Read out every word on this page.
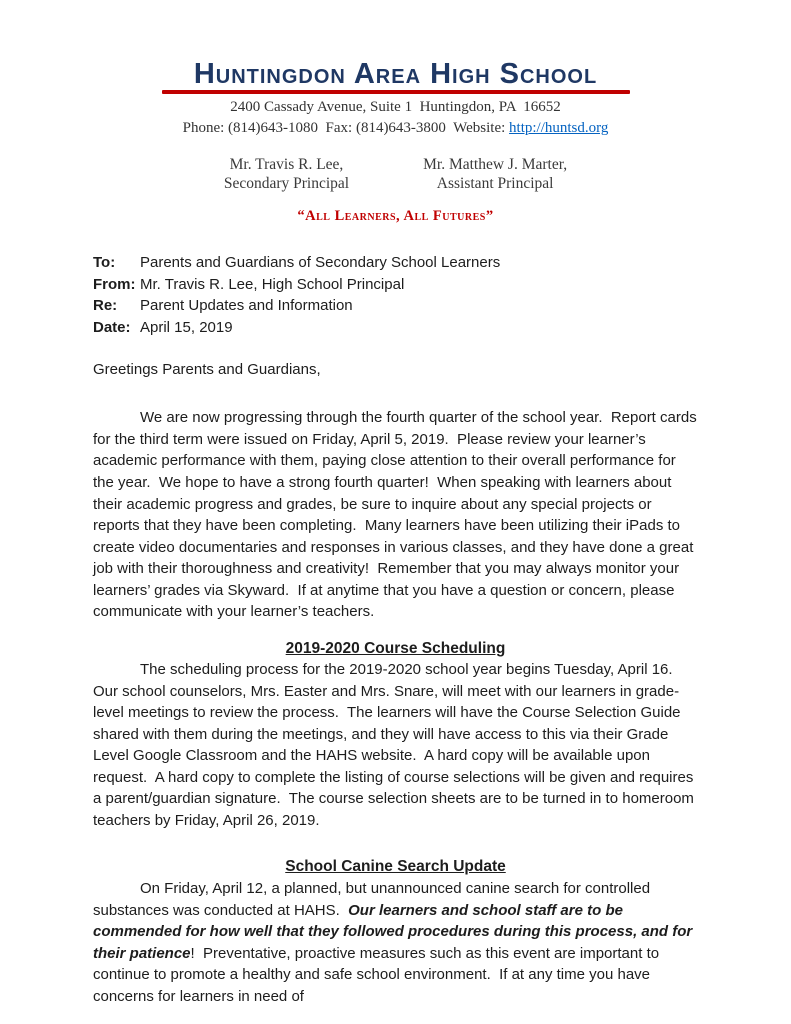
Huntingdon Area High School
2400 Cassady Avenue, Suite 1  Huntingdon, PA  16652
Phone: (814)643-1080  Fax: (814)643-3800  Website: http://huntsd.org
Mr. Travis R. Lee,
Secondary Principal
Mr. Matthew J. Marter,
Assistant Principal
“All Learners, All Futures”
To:	Parents and Guardians of Secondary School Learners
From: Mr. Travis R. Lee, High School Principal
Re:	Parent Updates and Information
Date: April 15, 2019
Greetings Parents and Guardians,
We are now progressing through the fourth quarter of the school year.  Report cards for the third term were issued on Friday, April 5, 2019.  Please review your learner’s academic performance with them, paying close attention to their overall performance for the year.  We hope to have a strong fourth quarter!  When speaking with learners about their academic progress and grades, be sure to inquire about any special projects or reports that they have been completing.  Many learners have been utilizing their iPads to create video documentaries and responses in various classes, and they have done a great job with their thoroughness and creativity!  Remember that you may always monitor your learners’ grades via Skyward.  If at anytime that you have a question or concern, please communicate with your learner’s teachers.
2019-2020 Course Scheduling
The scheduling process for the 2019-2020 school year begins Tuesday, April 16.  Our school counselors, Mrs. Easter and Mrs. Snare, will meet with our learners in grade-level meetings to review the process.  The learners will have the Course Selection Guide shared with them during the meetings, and they will have access to this via their Grade Level Google Classroom and the HAHS website.  A hard copy will be available upon request.  A hard copy to complete the listing of course selections will be given and requires a parent/guardian signature.  The course selection sheets are to be turned in to homeroom teachers by Friday, April 26, 2019.
School Canine Search Update
On Friday, April 12, a planned, but unannounced canine search for controlled substances was conducted at HAHS.  Our learners and school staff are to be commended for how well that they followed procedures during this process, and for their patience!  Preventative, proactive measures such as this event are important to continue to promote a healthy and safe school environment.  If at any time you have concerns for learners in need of
